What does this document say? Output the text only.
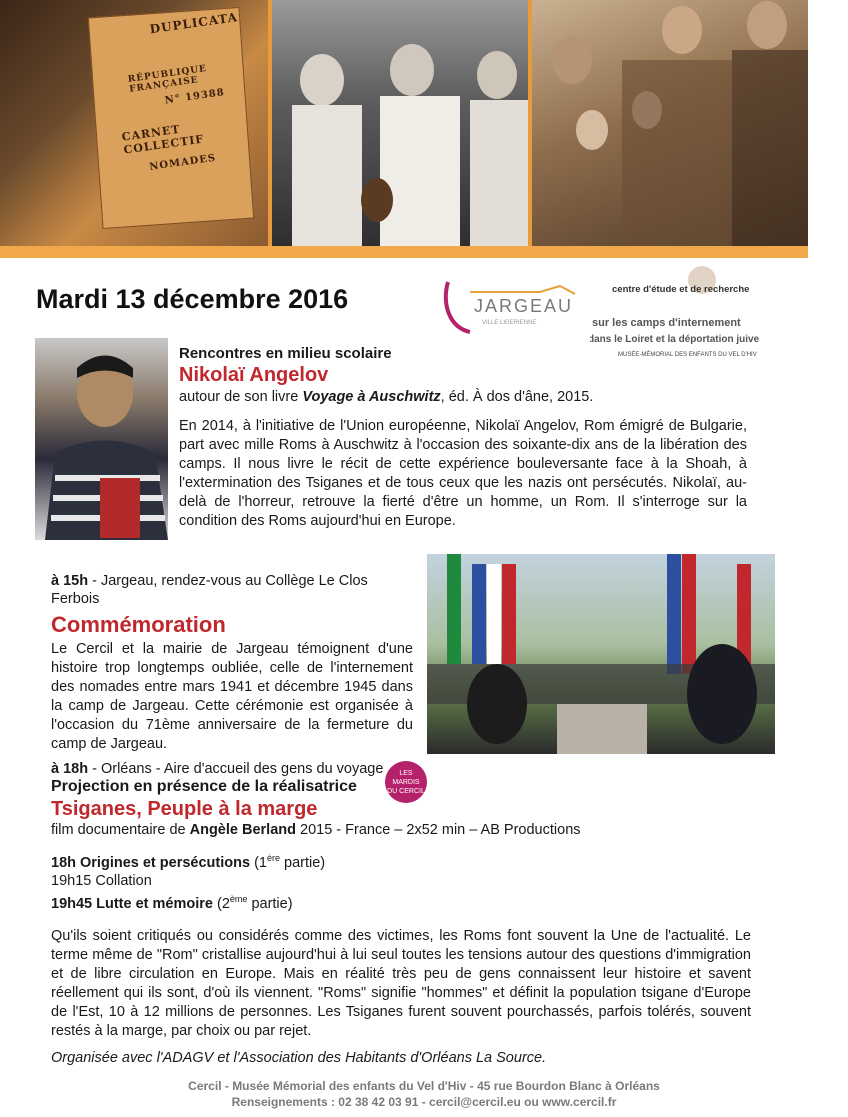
DUPLICATA
RÉPUBLIQUE FRANÇAISE
N° 19388
CARNET COLLECTIF
NOMADES
Mardi 13 décembre 2016	JARGEAU
VILLE LIGERIENNE
centre d'étude et de recherche
sur les camps d'internement
dans le Loiret et la déportation juive
MUSÉE-MÉMORIAL DES ENFANTS DU VEL D'HIV

Rencontres en milieu scolaire

Nikolaï Angelov

autour de son livre Voyage à Auschwitz, éd. À dos d'âne, 2015.

En 2014, à l'initiative de l'Union européenne, Nikolaï Angelov, Rom émigré de Bulgarie, part avec mille Roms à Auschwitz à l'occasion des soixante-dix ans de la libération des camps. Il nous livre le récit de cette expérience bouleversante face à la Shoah, à l'extermination des Tsiganes et de tous ceux que les nazis ont persécutés. Nikolaï, au-delà de l'horreur, retrouve la fierté d'être un homme, un Rom. Il s'interroge sur la condition des Roms aujourd'hui en Europe.

à 15h - Jargeau, rendez-vous au Collège Le Clos Ferbois

Commémoration

Le Cercil et la mairie de Jargeau témoignent d'une histoire trop longtemps oubliée, celle de l'internement des nomades entre mars 1941 et décembre 1945 dans la camp de Jargeau. Cette cérémonie est organisée à l'occasion du 71ème anniversaire de la fermeture du camp de Jargeau.

LES
MARDIS
DU CERCIL

à 18h - Orléans - Aire d'accueil des gens du voyage

Projection en présence de la réalisatrice

Tsiganes, Peuple à la marge

film documentaire de Angèle Berland 2015 - France – 2x52 min – AB Productions

18h Origines et persécutions (1ère partie)

19h15 Collation

19h45 Lutte et mémoire (2ème partie)

Qu'ils soient critiqués ou considérés comme des victimes, les Roms font souvent la Une de l'actualité. Le terme même de "Rom" cristallise aujourd'hui à lui seul toutes les tensions autour des questions d'immigration et de libre circulation en Europe. Mais en réalité très peu de gens connaissent leur histoire et savent réellement qui ils sont, d'où ils viennent. "Roms" signifie "hommes" et définit la population tsigane d'Europe de l'Est, 10 à 12 millions de personnes. Les Tsiganes furent souvent pourchassés, parfois tolérés, souvent restés à la marge, par choix ou par rejet.

Organisée avec l'ADAGV et l'Association des Habitants d'Orléans La Source.

Cercil - Musée Mémorial des enfants du Vel d'Hiv - 45 rue Bourdon Blanc à Orléans
Renseignements : 02 38 42 03 91 - cercil@cercil.eu ou www.cercil.fr
